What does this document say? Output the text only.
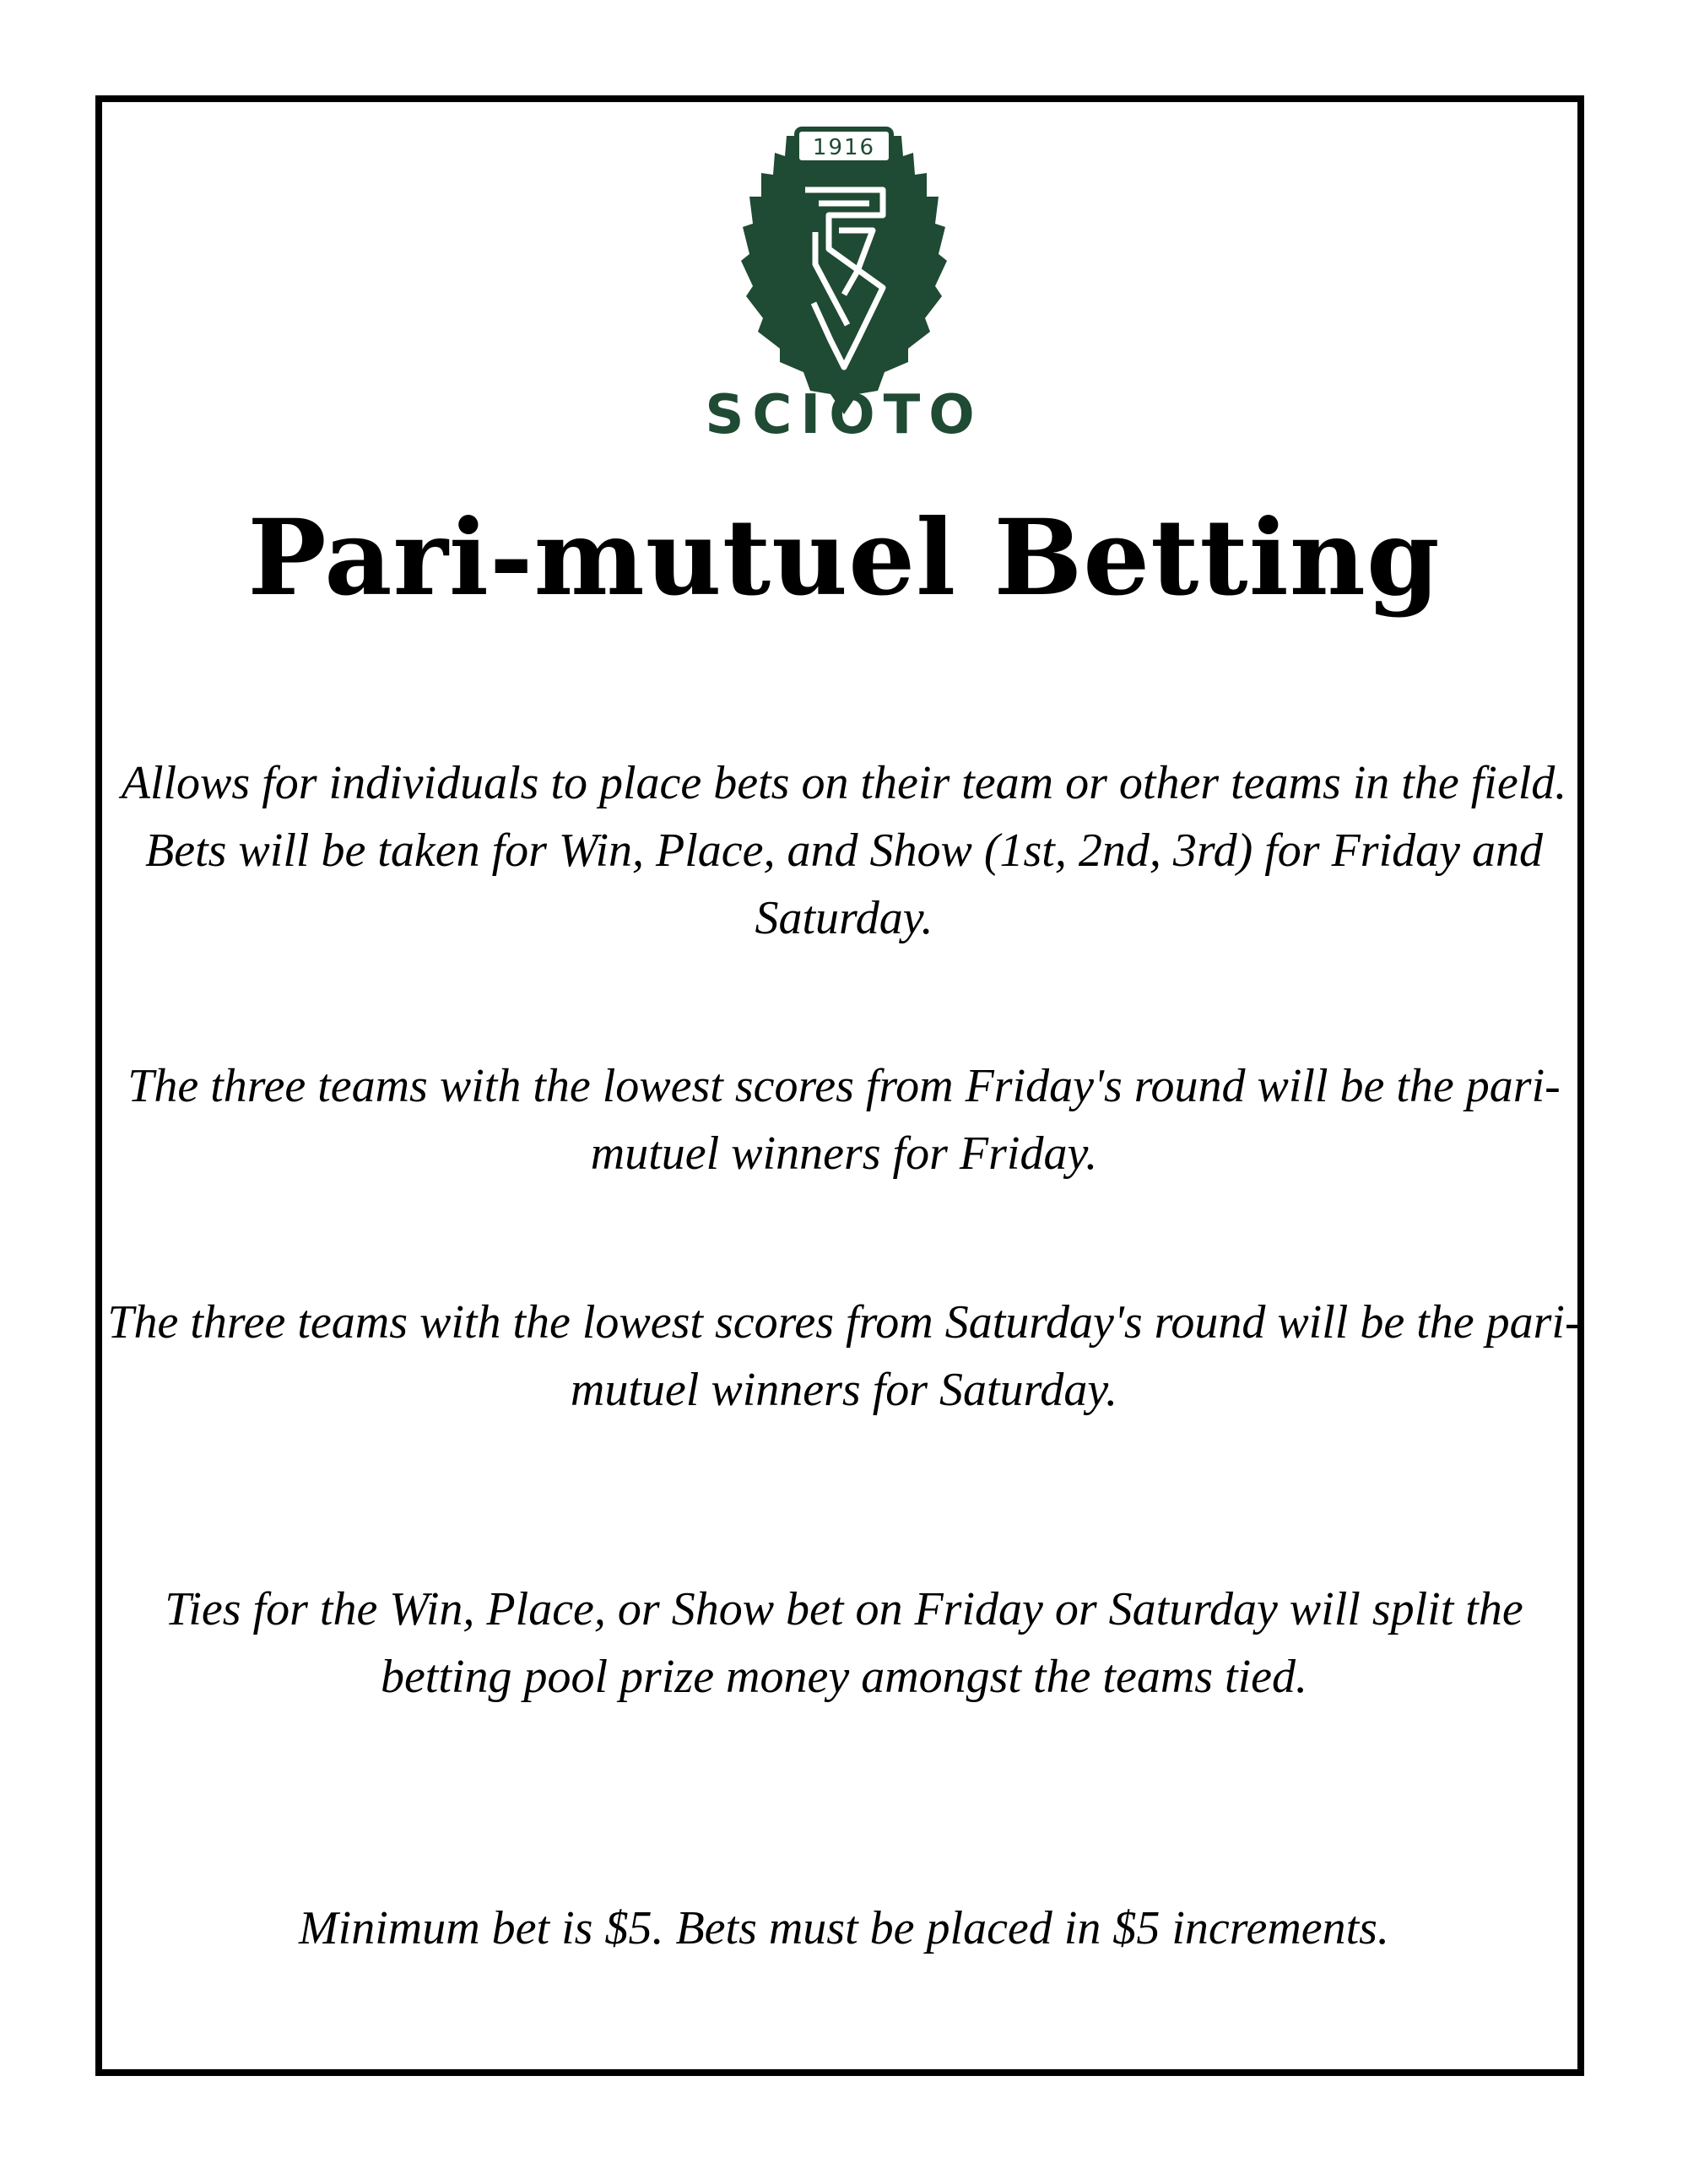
1916
SCIOTO
Pari-mutuel Betting

Allows for individuals to place bets on their team or other teams in the field. Bets will be taken for Win, Place, and Show (1st, 2nd, 3rd) for Friday and Saturday.

The three teams with the lowest scores from Friday's round will be the pari-mutuel winners for Friday.

The three teams with the lowest scores from Saturday's round will be the pari-mutuel winners for Saturday.

Ties for the Win, Place, or Show bet on Friday or Saturday will split the betting pool prize money amongst the teams tied.

Minimum bet is $5. Bets must be placed in $5 increments.
